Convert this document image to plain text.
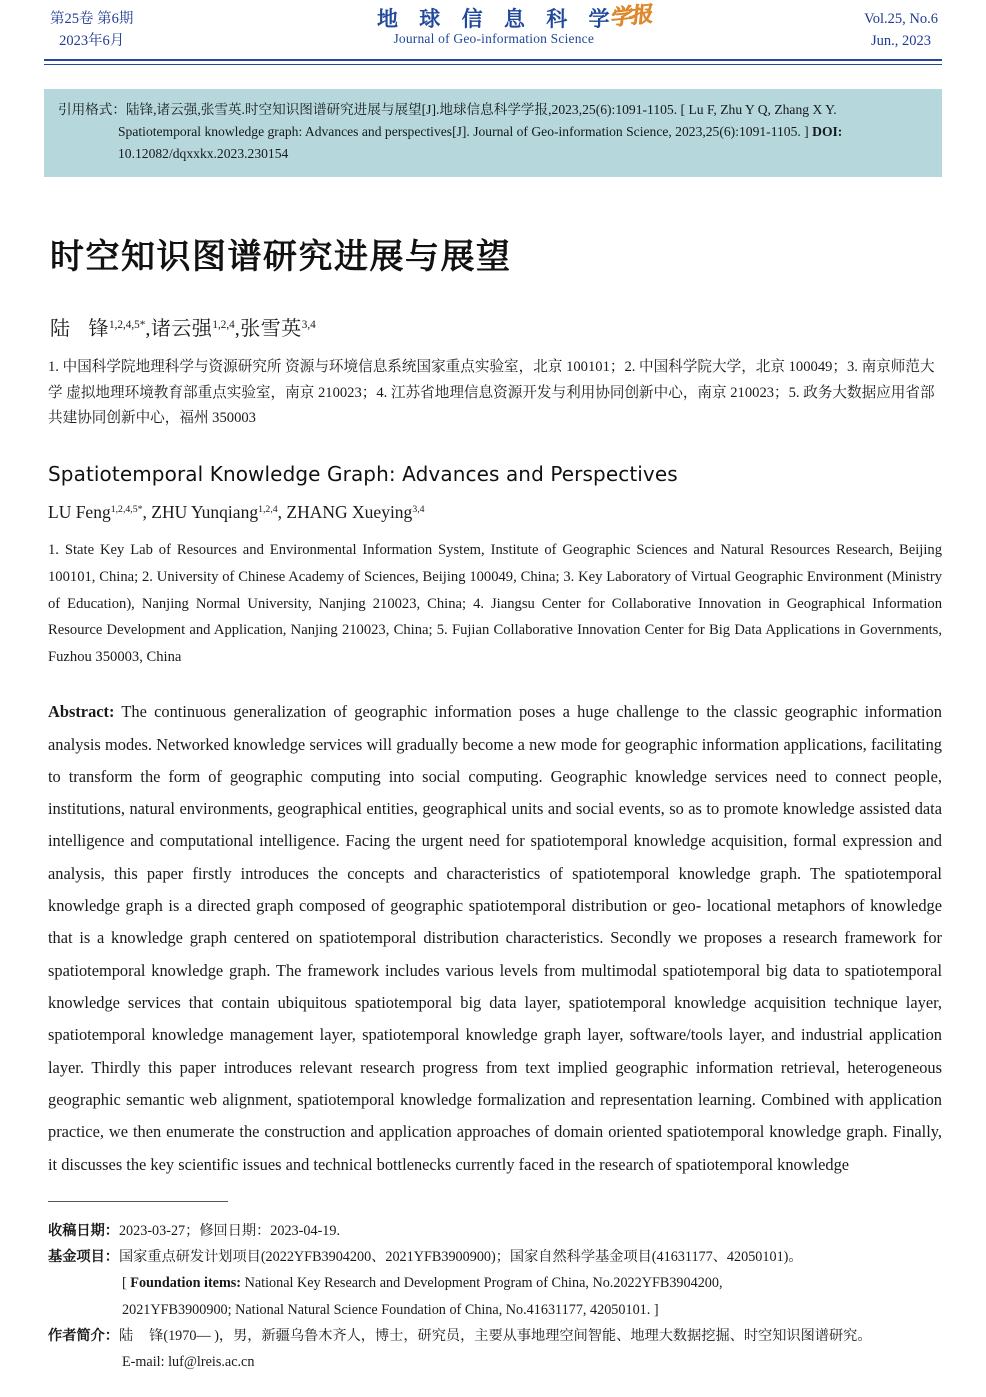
第25卷 第6期
2023年6月
地 球 信 息 科 学
Journal of Geo-information Science
学报	Vol.25, No.6
Jun., 2023
引用格式：陆锋,诸云强,张雪英.时空知识图谱研究进展与展望[J].地球信息科学学报,2023,25(6):1091-1105. [ Lu F, Zhu Y Q, Zhang X Y.
Spatiotemporal knowledge graph: Advances and perspectives[J]. Journal of Geo-information Science, 2023,25(6):1091-1105. ] DOI:
10.12082/dqxxkx.2023.230154
时空知识图谱研究进展与展望
陆 锋$^{1,2,4,5*}$,诸云强$^{1,2,4}$,张雪英$^{3,4}$
1. 中国科学院地理科学与资源研究所 资源与环境信息系统国家重点实验室，北京 100101；2. 中国科学院大学，北京 100049；3. 南京师范大学 虚拟地理环境教育部重点实验室，南京 210023；4. 江苏省地理信息资源开发与利用协同创新中心，南京 210023；5. 政务大数据应用省部共建协同创新中心，福州 350003
Spatiotemporal Knowledge Graph: Advances and Perspectives
LU Feng$^{1,2,4,5*}$, ZHU Yunqiang$^{1,2,4}$, ZHANG Xueying$^{3,4}$
1. State Key Lab of Resources and Environmental Information System, Institute of Geographic Sciences and Natural Resources Research, Beijing 100101, China; 2. University of Chinese Academy of Sciences, Beijing 100049, China; 3. Key Laboratory of Virtual Geographic Environment (Ministry of Education), Nanjing Normal University, Nanjing 210023, China; 4. Jiangsu Center for Collaborative Innovation in Geographical Information Resource Development and Application, Nanjing 210023, China; 5. Fujian Collaborative Innovation Center for Big Data Applications in Governments, Fuzhou 350003, China
Abstract: The continuous generalization of geographic information poses a huge challenge to the classic geographic information analysis modes. Networked knowledge services will gradually become a new mode for geographic information applications, facilitating to transform the form of geographic computing into social computing. Geographic knowledge services need to connect people, institutions, natural environments, geographical entities, geographical units and social events, so as to promote knowledge assisted data intelligence and computational intelligence. Facing the urgent need for spatiotemporal knowledge acquisition, formal expression and analysis, this paper firstly introduces the concepts and characteristics of spatiotemporal knowledge graph. The spatiotemporal knowledge graph is a directed graph composed of geographic spatiotemporal distribution or geo- locational metaphors of knowledge that is a knowledge graph centered on spatiotemporal distribution characteristics. Secondly we proposes a research framework for spatiotemporal knowledge graph. The framework includes various levels from multimodal spatiotemporal big data to spatiotemporal knowledge services that contain ubiquitous spatiotemporal big data layer, spatiotemporal knowledge acquisition technique layer, spatiotemporal knowledge management layer, spatiotemporal knowledge graph layer, software/tools layer, and industrial application layer. Thirdly this paper introduces relevant research progress from text implied geographic information retrieval, heterogeneous geographic semantic web alignment, spatiotemporal knowledge formalization and representation learning. Combined with application practice, we then enumerate the construction and application approaches of domain oriented spatiotemporal knowledge graph. Finally, it discusses the key scientific issues and technical bottlenecks currently faced in the research of spatiotemporal knowledge
收稿日期：2023-03-27；修回日期：2023-04-19.
基金项目：国家重点研发计划项目(2022YFB3904200、2021YFB3900900)；国家自然科学基金项目(41631177、42050101)。
[ Foundation items: National Key Research and Development Program of China, No.2022YFB3904200,
2021YFB3900900; National Natural Science Foundation of China, No.41631177, 42050101. ]
作者简介：陆 锋(1970— )，男，新疆乌鲁木齐人，博士，研究员，主要从事地理空间智能、地理大数据挖掘、时空知识图谱研究。
E-mail: luf@lreis.ac.cn
